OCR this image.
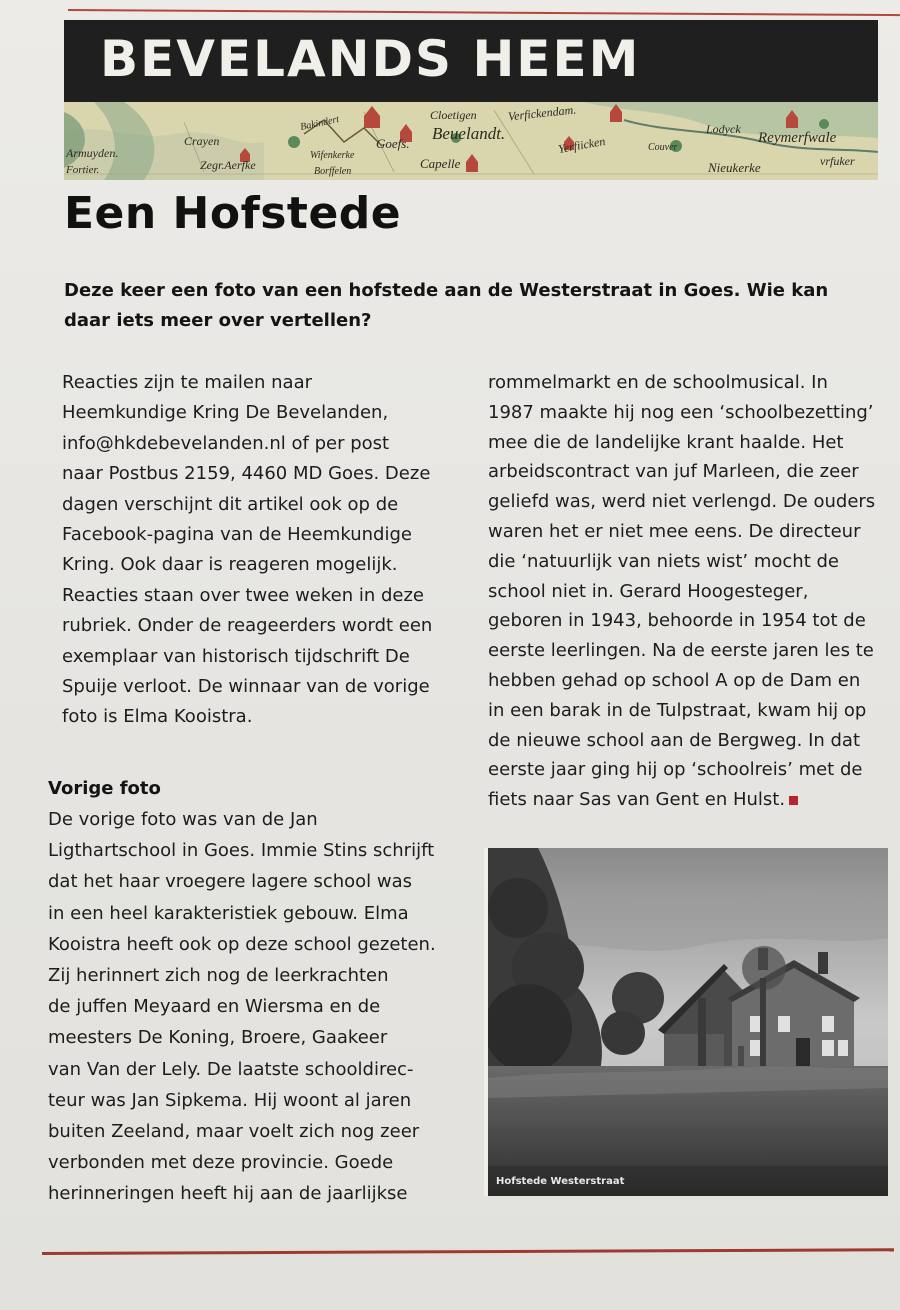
BEVELANDS HEEM
Armuyden.
Fortier.
Crayen
Zegr.Aerfke
Bakindert
Wifenkerke
Borffelen
Goefs.
Cloetigen
Beuelandt.
Capelle
Verfickendam.
Yerfiicken	Couver
Lodyck
Reymerfwale
Nieukerke	vrfuker
Een Hofstede
Deze keer een foto van een hofstede aan de Westerstraat in Goes. Wie kan daar iets meer over vertellen?
Reacties zijn te mailen naar
Heemkundige Kring De Bevelanden,
info@hkdebevelanden.nl of per post
naar Postbus 2159, 4460 MD Goes. Deze
dagen verschijnt dit artikel ook op de
Facebook-pagina van de Heemkundige
Kring. Ook daar is reageren mogelijk.
Reacties staan over twee weken in deze
rubriek. Onder de reageerders wordt een
exemplaar van historisch tijdschrift De
Spuije verloot. De winnaar van de vorige
foto is Elma Kooistra.
Vorige foto
De vorige foto was van de Jan
Ligthartschool in Goes. Immie Stins schrijft
dat het haar vroegere lagere school was
in een heel karakteristiek gebouw. Elma
Kooistra heeft ook op deze school gezeten.
Zij herinnert zich nog de leerkrachten
de juffen Meyaard en Wiersma en de
meesters De Koning, Broere, Gaakeer
van Van der Lely. De laatste schooldirec-
teur was Jan Sipkema. Hij woont al jaren
buiten Zeeland, maar voelt zich nog zeer
verbonden met deze provincie. Goede
herinneringen heeft hij aan de jaarlijkse
rommelmarkt en de schoolmusical. In
1987 maakte hij nog een ‘schoolbezetting’
mee die de landelijke krant haalde. Het
arbeidscontract van juf Marleen, die zeer
geliefd was, werd niet verlengd. De ouders
waren het er niet mee eens. De directeur
die ‘natuurlijk van niets wist’ mocht de
school niet in. Gerard Hoogesteger,
geboren in 1943, behoorde in 1954 tot de
eerste leerlingen. Na de eerste jaren les te
hebben gehad op school A op de Dam en
in een barak in de Tulpstraat, kwam hij op
de nieuwe school aan de Bergweg. In dat
eerste jaar ging hij op ‘schoolreis’ met de
fiets naar Sas van Gent en Hulst.
Hofstede Westerstraat
